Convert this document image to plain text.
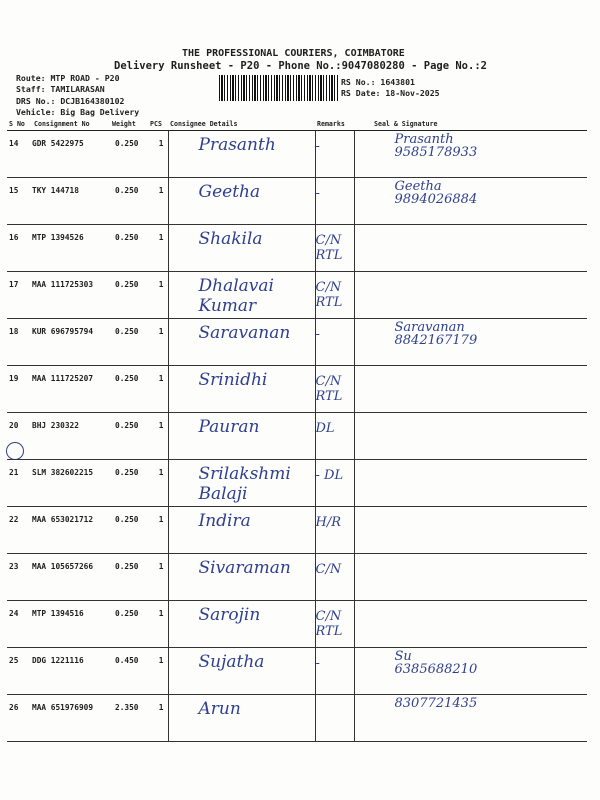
THE PROFESSIONAL COURIERS, COIMBATORE
Delivery Runsheet - P20 - Phone No.:9047080280 - Page No.:2
Route: MTP ROAD - P20
Staff: TAMILARASAN
DRS No.: DCJB164380102
Vehicle: Big Bag Delivery
RS No.: 1643801
RS Date: 18-Nov-2025
S No	Consignment No	Weight	PCS	Consignee Details	Remarks	Seal & Signature
14	GDR 5422975	0.250	1	Prasanth	-	Prasanth
9585178933

15	TKY 144718	0.250	1	Geetha	-	Geetha
9894026884

16	MTP 1394526	0.250	1	Shakila	C/N RTL	

17	MAA 111725303	0.250	1	Dhalavai Kumar	C/N RTL	

18	KUR 696795794	0.250	1	Saravanan	-	Saravanan
8842167179

19	MAA 111725207	0.250	1	Srinidhi	C/N RTL	

20	BHJ 230322	0.250	1	Pauran	DL	

21	SLM 382602215	0.250	1	Srilakshmi Balaji	- DL	

22	MAA 653021712	0.250	1	Indira	H/R	

23	MAA 105657266	0.250	1	Sivaraman	C/N	

24	MTP 1394516	0.250	1	Sarojin	C/N RTL	

25	DDG 1221116	0.450	1	Sujatha	-	Su
6385688210

26	MAA 651976909	2.350	1	Arun		8307721435
